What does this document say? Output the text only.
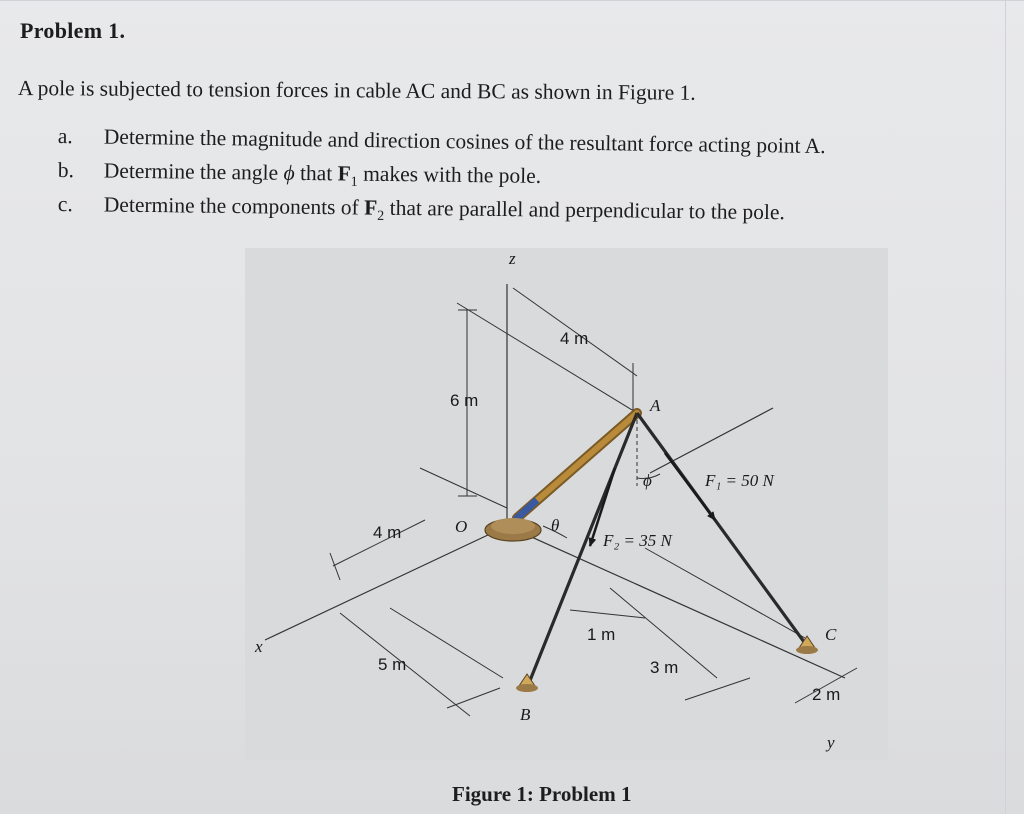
Problem 1.
A pole is subjected to tension forces in cable AC and BC as shown in Figure 1.
a. Determine the magnitude and direction cosines of the resultant force acting point A.
b. Determine the angle ϕ that $F_1$ makes with the pole.
c. Determine the components of $F_2$ that are parallel and perpendicular to the pole.
z
x
y
O
A
B
C
ϕ
θ
F₁ = 50 N
F₂ = 35 N
4 m
6 m
4 m
5 m
1 m
3 m
2 m
Figure 1: Problem 1
